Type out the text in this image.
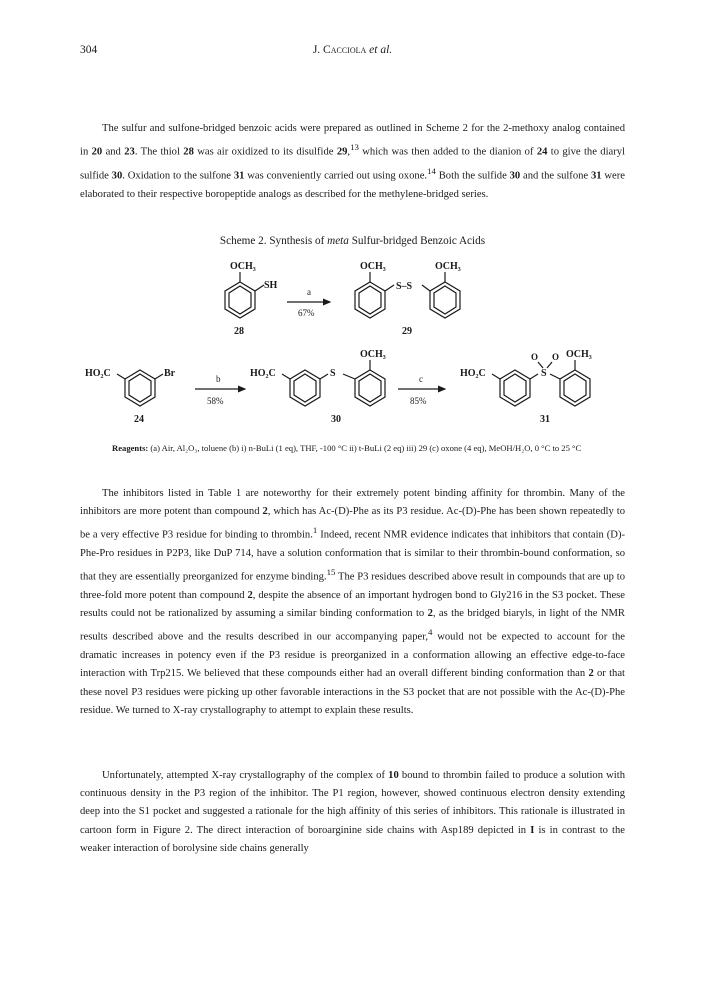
304	J. Cacciola et al.

The sulfur and sulfone-bridged benzoic acids were prepared as outlined in Scheme 2 for the 2-methoxy analog contained in 20 and 23. The thiol 28 was air oxidized to its disulfide 29,13 which was then added to the dianion of 24 to give the diaryl sulfide 30. Oxidation to the sulfone 31 was conveniently carried out using oxone.$^{14}$ Both the sulfide 30 and the sulfone 31 were elaborated to their respective boropeptide analogs as described for the methylene-bridged series.

Scheme 2. Synthesis of meta Sulfur-bridged Benzoic Acids
OCH₃
SH
a
67%
OCH₃
S–S
OCH₃
28	29
HO₂C	Br	b
58%
24
HO₂C	S
OCH₃
c
85%
30
HO₂C	S
O O OCH₃
31

Reagents: (a) Air, Al₂O₃, toluene (b) i) n-BuLi (1 eq), THF, -100 °C ii) t-BuLi (2 eq) iii) 29 (c) oxone (4 eq), MeOH/H₂O, 0 °C to 25 °C

The inhibitors listed in Table 1 are noteworthy for their extremely potent binding affinity for thrombin. Many of the inhibitors are more potent than compound 2, which has Ac-(D)-Phe as its P3 residue. Ac-(D)-Phe has been shown repeatedly to be a very effective P3 residue for binding to thrombin.$^1$ Indeed, recent NMR evidence indicates that inhibitors that contain (D)-Phe-Pro residues in P2P3, like DuP 714, have a solution conformation that is similar to their thrombin-bound conformation, so that they are essentially preorganized for enzyme binding.$^{15}$ The P3 residues described above result in compounds that are up to three-fold more potent than compound 2, despite the absence of an important hydrogen bond to Gly216 in the S3 pocket. These results could not be rationalized by assuming a similar binding conformation to 2, as the bridged biaryls, in light of the NMR results described above and the results described in our accompanying paper,$^4$ would not be expected to account for the dramatic increases in potency even if the P3 residue is preorganized in a conformation allowing an effective edge-to-face interaction with Trp215. We believed that these compounds either had an overall different binding conformation than 2 or that these novel P3 residues were picking up other favorable interactions in the S3 pocket that are not possible with the Ac-(D)-Phe residue. We turned to X-ray crystallography to attempt to explain these results.

Unfortunately, attempted X-ray crystallography of the complex of 10 bound to thrombin failed to produce a solution with continuous density in the P3 region of the inhibitor. The P1 region, however, showed continuous electron density extending deep into the S1 pocket and suggested a rationale for the high affinity of this series of inhibitors. This rationale is illustrated in cartoon form in Figure 2. The direct interaction of boroarginine side chains with Asp189 depicted in I is in contrast to the weaker interaction of borolysine side chains generally
